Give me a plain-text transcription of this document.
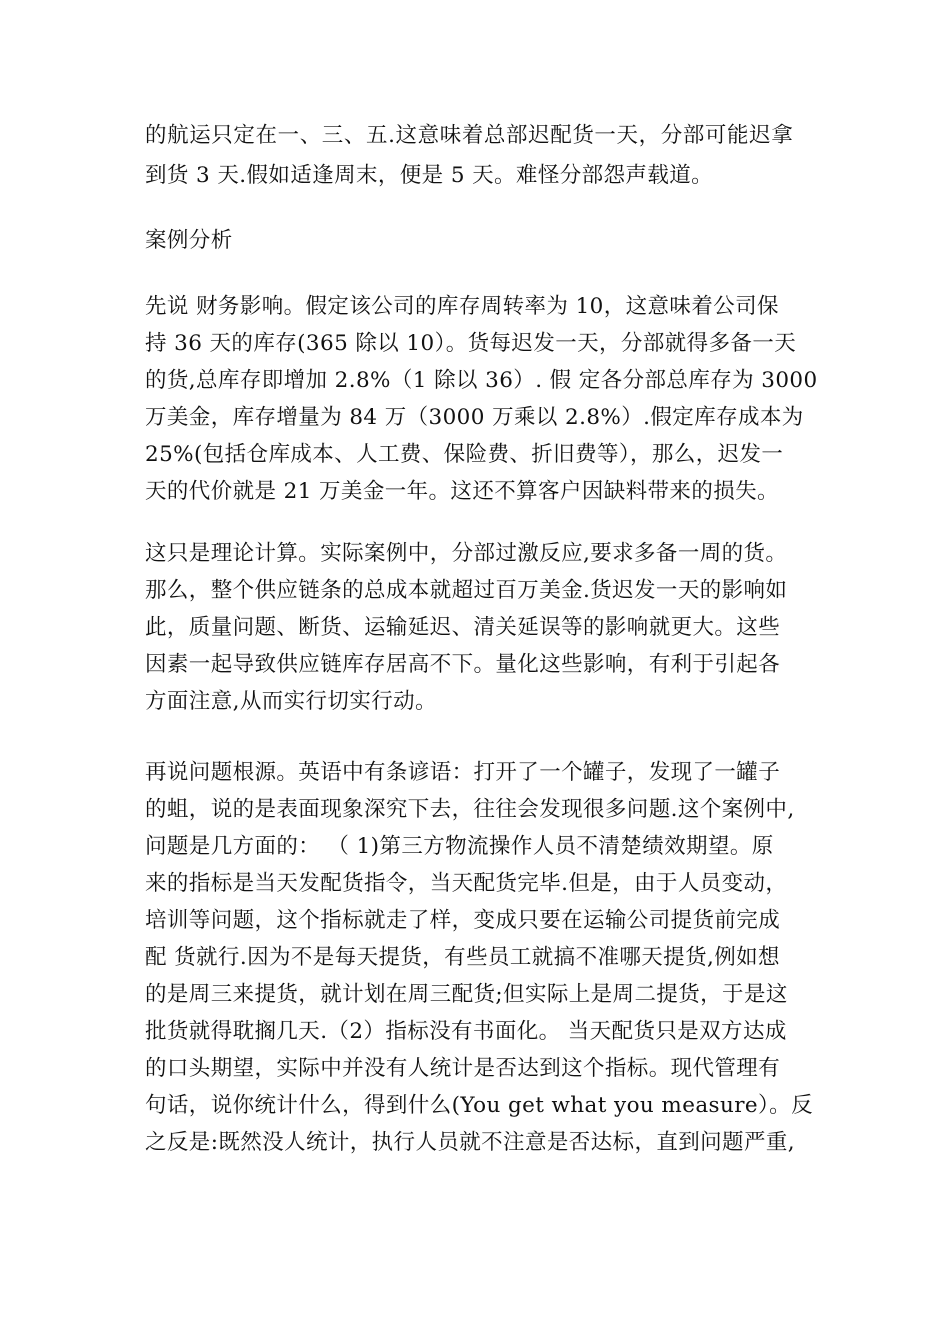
的航运只定在一、三、五.这意味着总部迟配货一天，分部可能迟拿

到货 3 天.假如适逢周末，便是 5 天。难怪分部怨声载道。

案例分析

先说 财务影响。假定该公司的库存周转率为 10，这意味着公司保

持 36 天的库存(365 除以 10）。货每迟发一天，分部就得多备一天

的货,总库存即增加 2.8%（1 除以 36）. 假 定各分部总库存为 3000

万美金，库存增量为 84 万（3000 万乘以 2.8%）.假定库存成本为

25%(包括仓库成本、人工费、保险费、折旧费等），那么，迟发一

天的代价就是 21 万美金一年。这还不算客户因缺料带来的损失。

这只是理论计算。实际案例中，分部过激反应,要求多备一周的货。

那么，整个供应链条的总成本就超过百万美金.货迟发一天的影响如

此，质量问题、断货、运输延迟、清关延误等的影响就更大。这些

因素一起导致供应链库存居高不下。量化这些影响，有利于引起各

方面注意,从而实行切实行动。

再说问题根源。英语中有条谚语：打开了一个罐子，发现了一罐子

的蛆，说的是表面现象深究下去，往往会发现很多问题.这个案例中,

问题是几方面的： （ 1)第三方物流操作人员不清楚绩效期望。原

来的指标是当天发配货指令，当天配货完毕.但是，由于人员变动，

培训等问题，这个指标就走了样，变成只要在运输公司提货前完成

配 货就行.因为不是每天提货，有些员工就搞不准哪天提货,例如想

的是周三来提货，就计划在周三配货;但实际上是周二提货，于是这

批货就得耽搁几天.（2）指标没有书面化。 当天配货只是双方达成

的口头期望，实际中并没有人统计是否达到这个指标。现代管理有

句话，说你统计什么，得到什么(You get what you measure）。反

之反是:既然没人统计，执行人员就不注意是否达标，直到问题严重,
